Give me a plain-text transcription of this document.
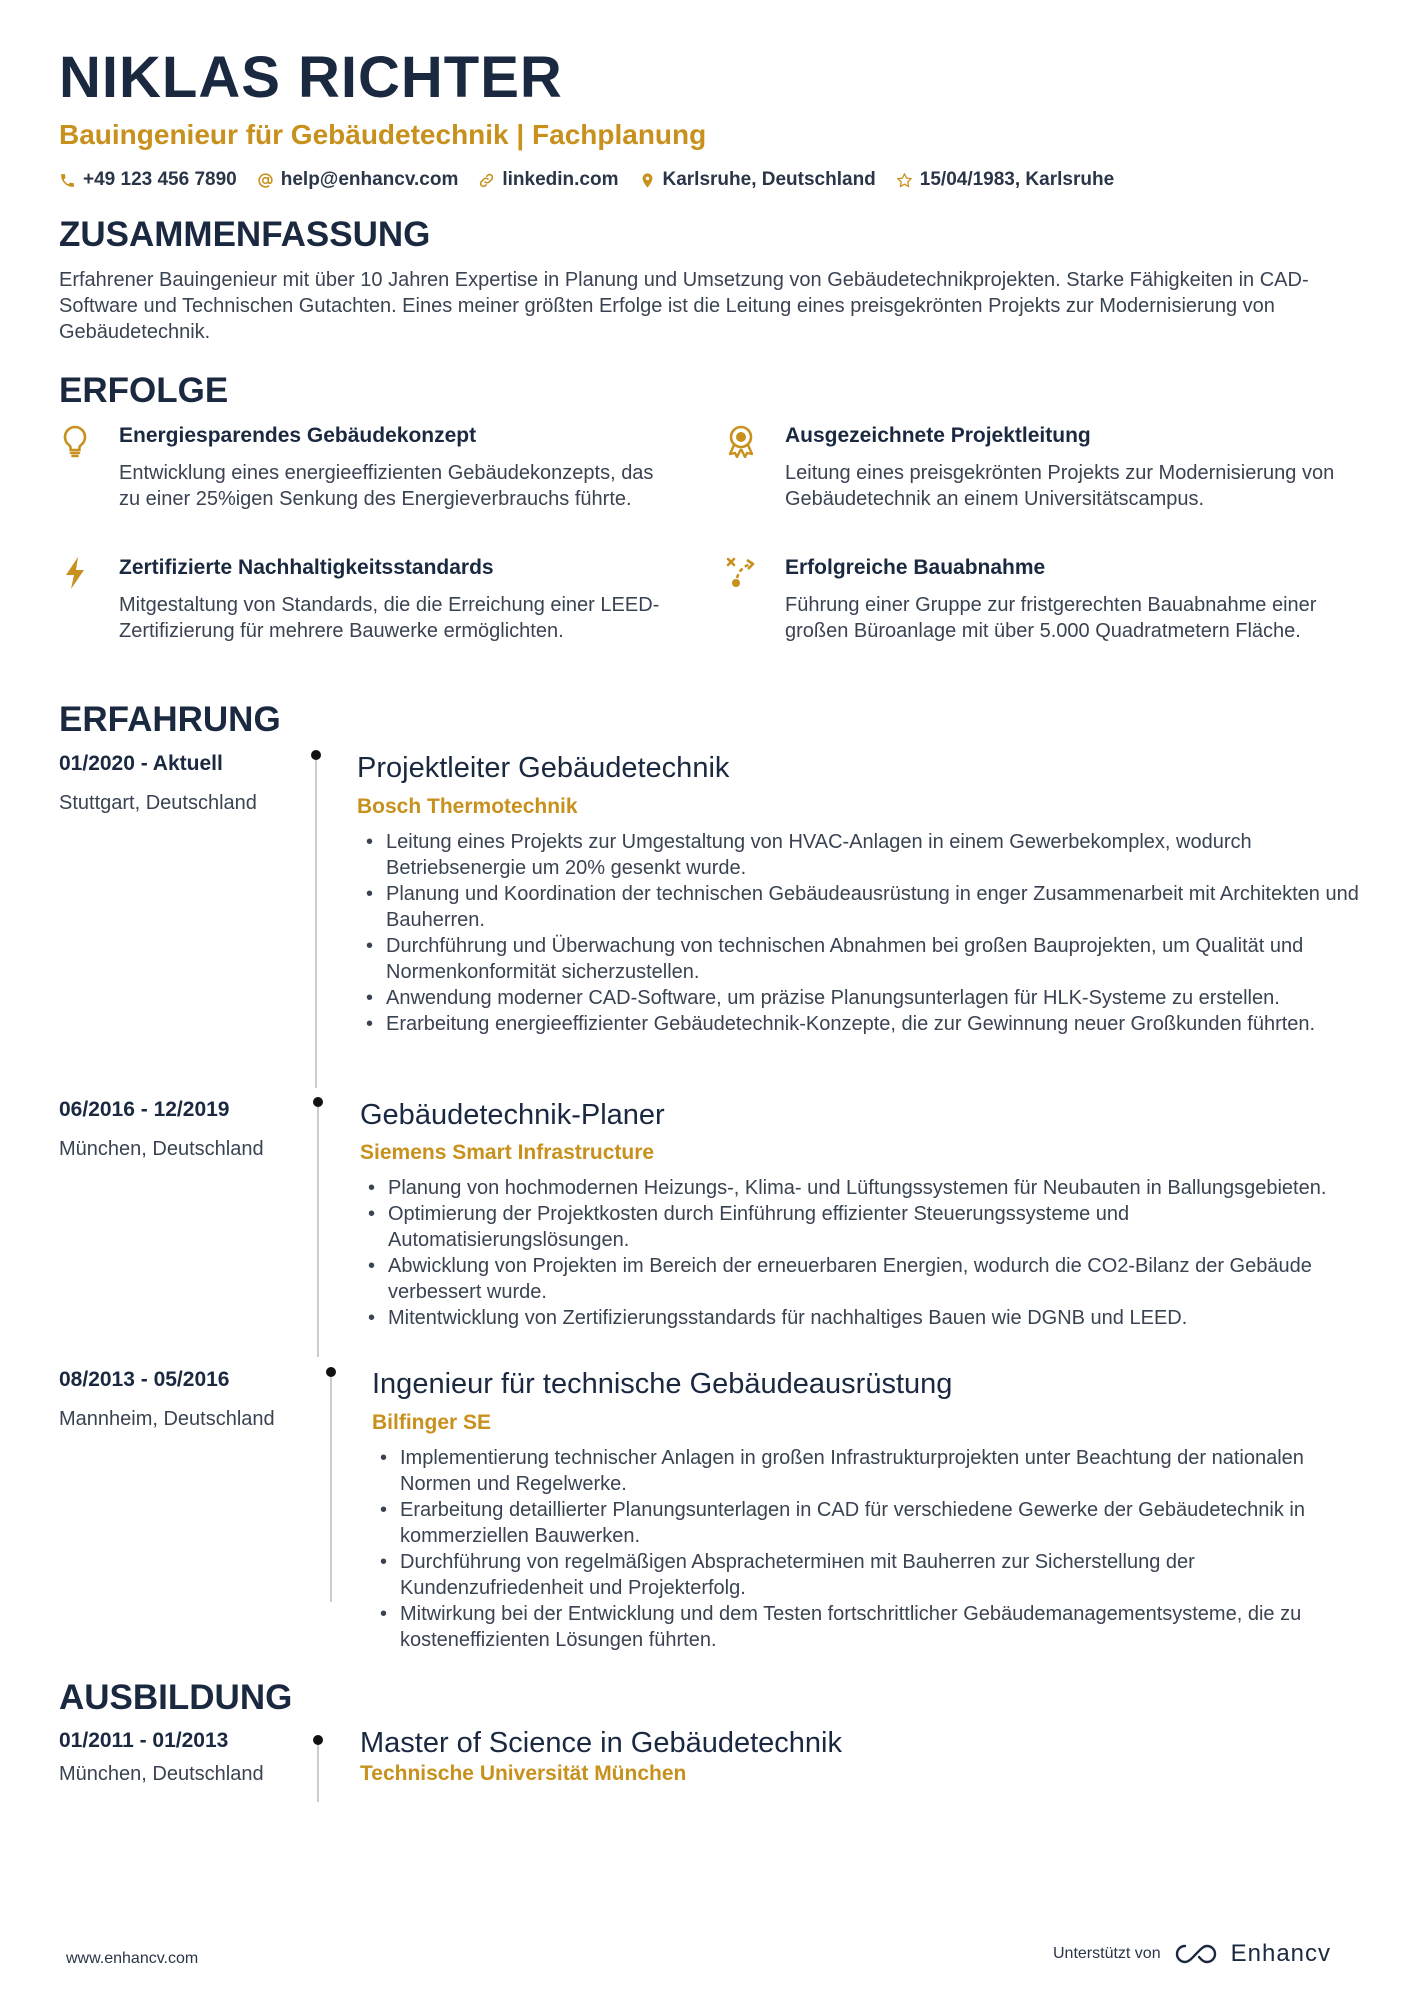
NIKLAS RICHTER
Bauingenieur für Gebäudetechnik | Fachplanung
+49 123 456 7890 help@enhancv.com linkedin.com Karlsruhe, Deutschland 15/04/1983, Karlsruhe
ZUSAMMENFASSUNG
Erfahrener Bauingenieur mit über 10 Jahren Expertise in Planung und Umsetzung von Gebäudetechnikprojekten. Starke Fähigkeiten in CAD-Software und Technischen Gutachten. Eines meiner größten Erfolge ist die Leitung eines preisgekrönten Projekts zur Modernisierung von Gebäudetechnik.
ERFOLGE
Energiesparendes Gebäudekonzept
Entwicklung eines energieeffizienten Gebäudekonzepts, das zu einer 25%igen Senkung des Energieverbrauchs führte.
Ausgezeichnete Projektleitung
Leitung eines preisgekrönten Projekts zur Modernisierung von Gebäudetechnik an einem Universitätscampus.
Zertifizierte Nachhaltigkeitsstandards
Mitgestaltung von Standards, die die Erreichung einer LEED-Zertifizierung für mehrere Bauwerke ermöglichten.
Erfolgreiche Bauabnahme
Führung einer Gruppe zur fristgerechten Bauabnahme einer großen Büroanlage mit über 5.000 Quadratmetern Fläche.
ERFAHRUNG
01/2020 - Aktuell
Stuttgart, Deutschland
Projektleiter Gebäudetechnik
Bosch Thermotechnik
• Leitung eines Projekts zur Umgestaltung von HVAC-Anlagen in einem Gewerbekomplex, wodurch Betriebsenergie um 20% gesenkt wurde.
• Planung und Koordination der technischen Gebäudeausrüstung in enger Zusammenarbeit mit Architekten und Bauherren.
• Durchführung und Überwachung von technischen Abnahmen bei großen Bauprojekten, um Qualität und Normenkonformität sicherzustellen.
• Anwendung moderner CAD-Software, um präzise Planungsunterlagen für HLK-Systeme zu erstellen.
• Erarbeitung energieeffizienter Gebäudetechnik-Konzepte, die zur Gewinnung neuer Großkunden führten.
06/2016 - 12/2019
München, Deutschland
Gebäudetechnik-Planer
Siemens Smart Infrastructure
• Planung von hochmodernen Heizungs-, Klima- und Lüftungssystemen für Neubauten in Ballungsgebieten.
• Optimierung der Projektkosten durch Einführung effizienter Steuerungssysteme und Automatisierungslösungen.
• Abwicklung von Projekten im Bereich der erneuerbaren Energien, wodurch die CO2-Bilanz der Gebäude verbessert wurde.
• Mitentwicklung von Zertifizierungsstandards für nachhaltiges Bauen wie DGNB und LEED.
08/2013 - 05/2016
Mannheim, Deutschland
Ingenieur für technische Gebäudeausrüstung
Bilfinger SE
• Implementierung technischer Anlagen in großen Infrastrukturprojekten unter Beachtung der nationalen Normen und Regelwerke.
• Erarbeitung detaillierter Planungsunterlagen in CAD für verschiedene Gewerke der Gebäudetechnik in kommerziellen Bauwerken.
• Durchführung von regelmäßigen Absprachetermінen mit Bauherren zur Sicherstellung der Kundenzufriedenheit und Projekterfolg.
• Mitwirkung bei der Entwicklung und dem Testen fortschrittlicher Gebäudemanagementsysteme, die zu kosteneffizienten Lösungen führten.
AUSBILDUNG
01/2011 - 01/2013
München, Deutschland
Master of Science in Gebäudetechnik
Technische Universität München
www.enhancv.com	Unterstützt von	Enhancv
